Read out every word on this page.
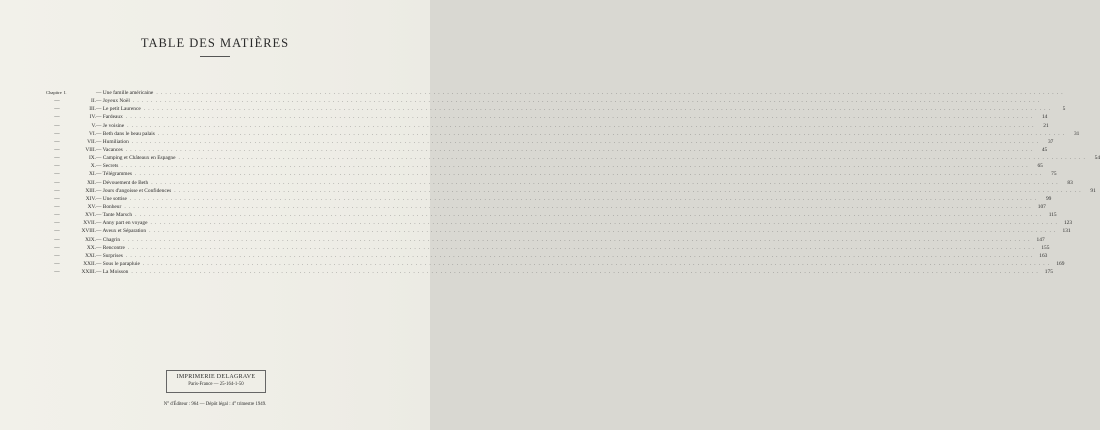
TABLE DES MATIÈRES
Chapitre I.	— Une famille américaine ........................................................................................................................................................................................................
—	II. — Joyeux Noël ........................................................................................................................................................................................................
—	III. — Le petit Laurence ........................................................................................................................................................................................................	5
—	IV. — Fardeaux ........................................................................................................................................................................................................	14
—	V. — Je voisine ........................................................................................................................................................................................................	21
—	VI. — Beth dans le beau palais ........................................................................................................................................................................................................	31
—	VII. — Humiliation ........................................................................................................................................................................................................	37
—	VIII. — Vacances ........................................................................................................................................................................................................	45
—	IX. — Camping et Châteaux en Espagne ........................................................................................................................................................................................................	54
—	X. — Secrets ........................................................................................................................................................................................................	65
—	XI. — Télégrammes ........................................................................................................................................................................................................	75
—	XII. — Dévouement de Beth ........................................................................................................................................................................................................	83
—	XIII. — Jours d'angoisse et Confidences ........................................................................................................................................................................................................	91
—	XIV. — Une sottise ........................................................................................................................................................................................................	99
—	XV. — Bonheur ........................................................................................................................................................................................................ 107
—	XVI. — Tante Marsch ........................................................................................................................................................................................................ 115
—	XVII. — Anny part en voyage ........................................................................................................................................................................................................ 123
—	XVIII. — Aveux et Séparation ........................................................................................................................................................................................................ 131
—	XIX. — Chagrin ........................................................................................................................................................................................................ 147
—	XX. — Rencontre ........................................................................................................................................................................................................ 155
—	XXI. — Surprises ........................................................................................................................................................................................................ 163
—	XXII. — Sous le parapluie ........................................................................................................................................................................................................ 169
—	XXIII. — La Moisson ........................................................................................................................................................................................................ 175
IMPRIMERIE DELAGRAVE
Paris-France — 25-164-1-50
N° d'Éditeur : 964 — Dépôt légal : 4° trimestre 1949.
